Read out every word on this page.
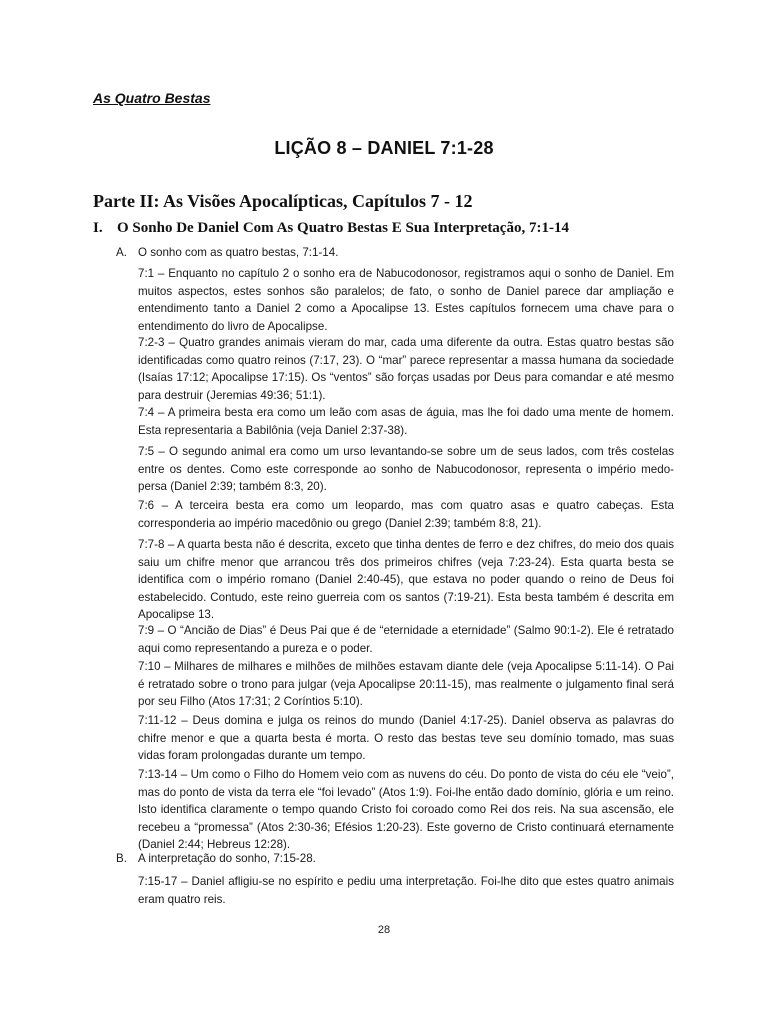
As Quatro Bestas
LIÇÃO 8 – DANIEL 7:1-28
Parte II: As Visões Apocalípticas, Capítulos 7 - 12
I. O Sonho De Daniel Com As Quatro Bestas E Sua Interpretação, 7:1-14
A. O sonho com as quatro bestas, 7:1-14.

7:1 – Enquanto no capítulo 2 o sonho era de Nabucodonosor, registramos aqui o sonho de Daniel. Em muitos aspectos, estes sonhos são paralelos; de fato, o sonho de Daniel parece dar ampliação e entendimento tanto a Daniel 2 como a Apocalipse 13. Estes capítulos fornecem uma chave para o entendimento do livro de Apocalipse.

7:2-3 – Quatro grandes animais vieram do mar, cada uma diferente da outra. Estas quatro bestas são identificadas como quatro reinos (7:17, 23). O “mar” parece representar a massa humana da sociedade (Isaías 17:12; Apocalipse 17:15). Os “ventos” são forças usadas por Deus para comandar e até mesmo para destruir (Jeremias 49:36; 51:1).

7:4 – A primeira besta era como um leão com asas de águia, mas lhe foi dado uma mente de homem. Esta representaria a Babilônia (veja Daniel 2:37-38).

7:5 – O segundo animal era como um urso levantando-se sobre um de seus lados, com três costelas entre os dentes. Como este corresponde ao sonho de Nabucodonosor, representa o império medo-persa (Daniel 2:39; também 8:3, 20).

7:6 – A terceira besta era como um leopardo, mas com quatro asas e quatro cabeças. Esta corresponderia ao império macedônio ou grego (Daniel 2:39; também 8:8, 21).

7:7-8 – A quarta besta não é descrita, exceto que tinha dentes de ferro e dez chifres, do meio dos quais saiu um chifre menor que arrancou três dos primeiros chifres (veja 7:23-24). Esta quarta besta se identifica com o império romano (Daniel 2:40-45), que estava no poder quando o reino de Deus foi estabelecido. Contudo, este reino guerreia com os santos (7:19-21). Esta besta também é descrita em Apocalipse 13.

7:9 – O “Ancião de Dias” é Deus Pai que é de “eternidade a eternidade” (Salmo 90:1-2). Ele é retratado aqui como representando a pureza e o poder.

7:10 – Milhares de milhares e milhões de milhões estavam diante dele (veja Apocalipse 5:11-14). O Pai é retratado sobre o trono para julgar (veja Apocalipse 20:11-15), mas realmente o julgamento final será por seu Filho (Atos 17:31; 2 Coríntios 5:10).

7:11-12 – Deus domina e julga os reinos do mundo (Daniel 4:17-25). Daniel observa as palavras do chifre menor e que a quarta besta é morta. O resto das bestas teve seu domínio tomado, mas suas vidas foram prolongadas durante um tempo.

7:13-14 – Um como o Filho do Homem veio com as nuvens do céu. Do ponto de vista do céu ele “veio”, mas do ponto de vista da terra ele “foi levado” (Atos 1:9). Foi-lhe então dado domínio, glória e um reino. Isto identifica claramente o tempo quando Cristo foi coroado como Rei dos reis. Na sua ascensão, ele recebeu a “promessa” (Atos 2:30-36; Efésios 1:20-23). Este governo de Cristo continuará eternamente (Daniel 2:44; Hebreus 12:28).

B. A interpretação do sonho, 7:15-28.

7:15-17 – Daniel afligiu-se no espírito e pediu uma interpretação. Foi-lhe dito que estes quatro animais eram quatro reis.

28
